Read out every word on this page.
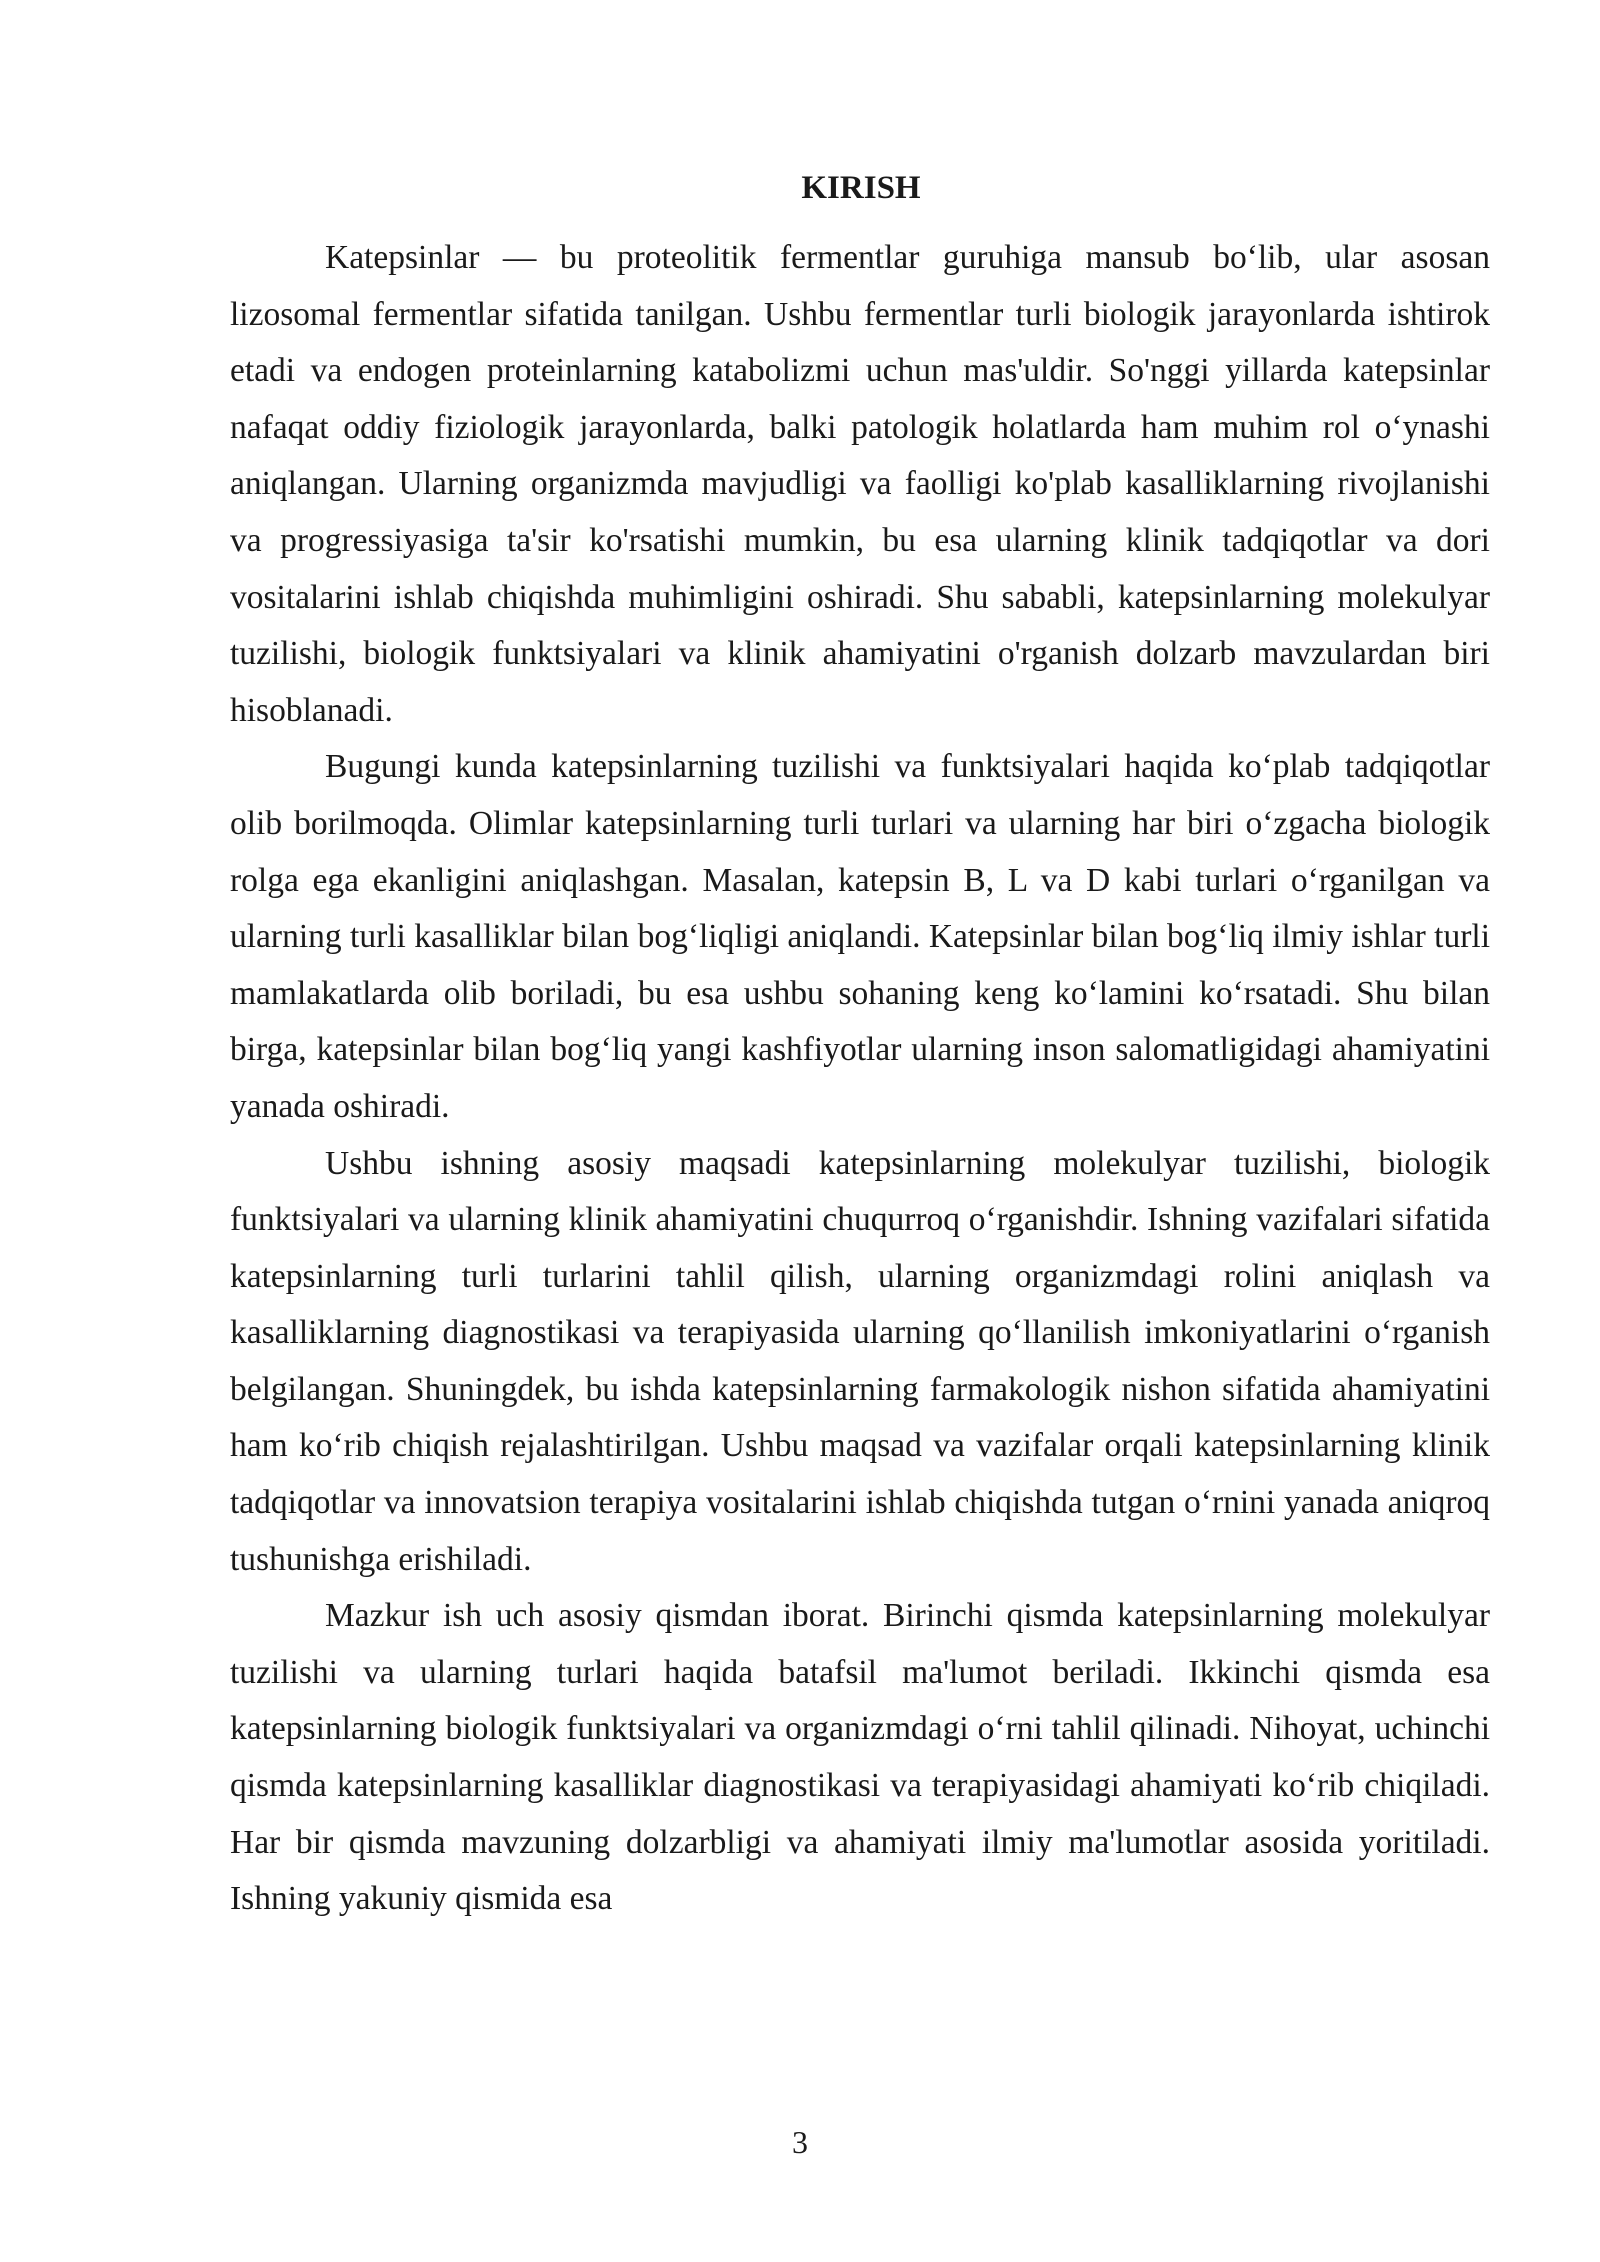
KIRISH

Katepsinlar — bu proteolitik fermentlar guruhiga mansub bo‘lib, ular asosan lizosomal fermentlar sifatida tanilgan. Ushbu fermentlar turli biologik jarayonlarda ishtirok etadi va endogen proteinlarning katabolizmi uchun mas'uldir. So'nggi yillarda katepsinlar nafaqat oddiy fiziologik jarayonlarda, balki patologik holatlarda ham muhim rol o‘ynashi aniqlangan. Ularning organizmda mavjudligi va faolligi ko'plab kasalliklarning rivojlanishi va progressiyasiga ta'sir ko'rsatishi mumkin, bu esa ularning klinik tadqiqotlar va dori vositalarini ishlab chiqishda muhimligini oshiradi. Shu sababli, katepsinlarning molekulyar tuzilishi, biologik funktsiyalari va klinik ahamiyatini o'rganish dolzarb mavzulardan biri hisoblanadi.

Bugungi kunda katepsinlarning tuzilishi va funktsiyalari haqida ko‘plab tadqiqotlar olib borilmoqda. Olimlar katepsinlarning turli turlari va ularning har biri o‘zgacha biologik rolga ega ekanligini aniqlashgan. Masalan, katepsin B, L va D kabi turlari o‘rganilgan va ularning turli kasalliklar bilan bog‘liqligi aniqlandi. Katepsinlar bilan bog‘liq ilmiy ishlar turli mamlakatlarda olib boriladi, bu esa ushbu sohaning keng ko‘lamini ko‘rsatadi. Shu bilan birga, katepsinlar bilan bog‘liq yangi kashfiyotlar ularning inson salomatligidagi ahamiyatini yanada oshiradi.

Ushbu ishning asosiy maqsadi katepsinlarning molekulyar tuzilishi, biologik funktsiyalari va ularning klinik ahamiyatini chuqurroq o‘rganishdir. Ishning vazifalari sifatida katepsinlarning turli turlarini tahlil qilish, ularning organizmdagi rolini aniqlash va kasalliklarning diagnostikasi va terapiyasida ularning qo‘llanilish imkoniyatlarini o‘rganish belgilangan. Shuningdek, bu ishda katepsinlarning farmakologik nishon sifatida ahamiyatini ham ko‘rib chiqish rejalashtirilgan. Ushbu maqsad va vazifalar orqali katepsinlarning klinik tadqiqotlar va innovatsion terapiya vositalarini ishlab chiqishda tutgan o‘rnini yanada aniqroq tushunishga erishiladi.

Mazkur ish uch asosiy qismdan iborat. Birinchi qismda katepsinlarning molekulyar tuzilishi va ularning turlari haqida batafsil ma'lumot beriladi. Ikkinchi qismda esa katepsinlarning biologik funktsiyalari va organizmdagi o‘rni tahlil qilinadi. Nihoyat, uchinchi qismda katepsinlarning kasalliklar diagnostikasi va terapiyasidagi ahamiyati ko‘rib chiqiladi. Har bir qismda mavzuning dolzarbligi va ahamiyati ilmiy ma'lumotlar asosida yoritiladi. Ishning yakuniy qismida esa

3
